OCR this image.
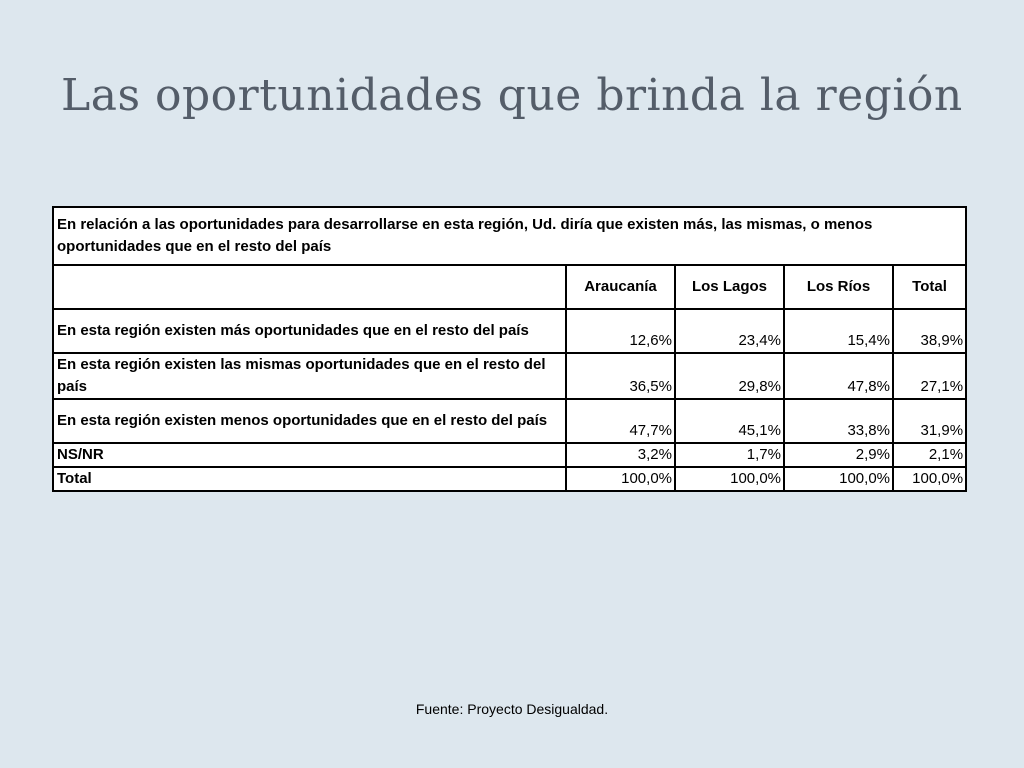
Las oportunidades que brinda la región
En relación a las oportunidades para desarrollarse en esta región, Ud. diría que existen más, las mismas, o menos oportunidades que en el resto del país				
	Araucanía	Los Lagos	Los Ríos	Total
En esta región existen más oportunidades que en el resto del país	12,6%	23,4%	15,4%	38,9%
En esta región existen las mismas oportunidades que en el resto del país	36,5%	29,8%	47,8%	27,1%
En esta región existen menos oportunidades que en el resto del país	47,7%	45,1%	33,8%	31,9%
NS/NR	3,2%	1,7%	2,9%	2,1%
Total	100,0%	100,0%	100,0%	100,0%
Fuente: Proyecto Desigualdad.
